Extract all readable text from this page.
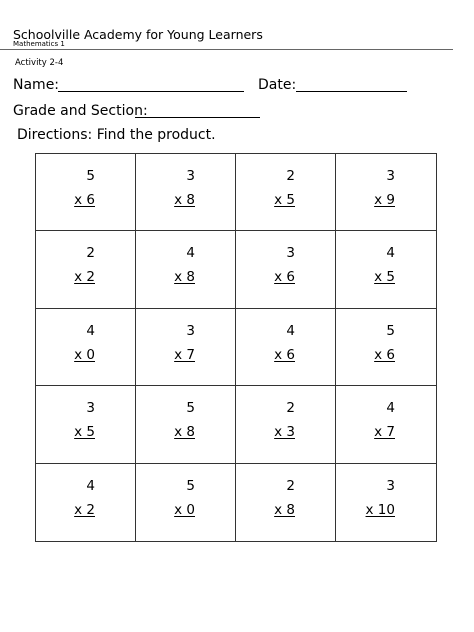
Schoolville Academy for Young Learners
Mathematics 1
Activity 2-4
Name:	Date:
Grade and Section:
Directions: Find the product.
5
x 6
3
x 8
2
x 5
3
x 9
2
x 2
4
x 8
3
x 6
4
x 5
4
x 0
3
x 7
4
x 6
5
x 6
3
x 5
5
x 8
2
x 3
4
x 7
4
x 2
5
x 0
2
x 8
3
x 10
